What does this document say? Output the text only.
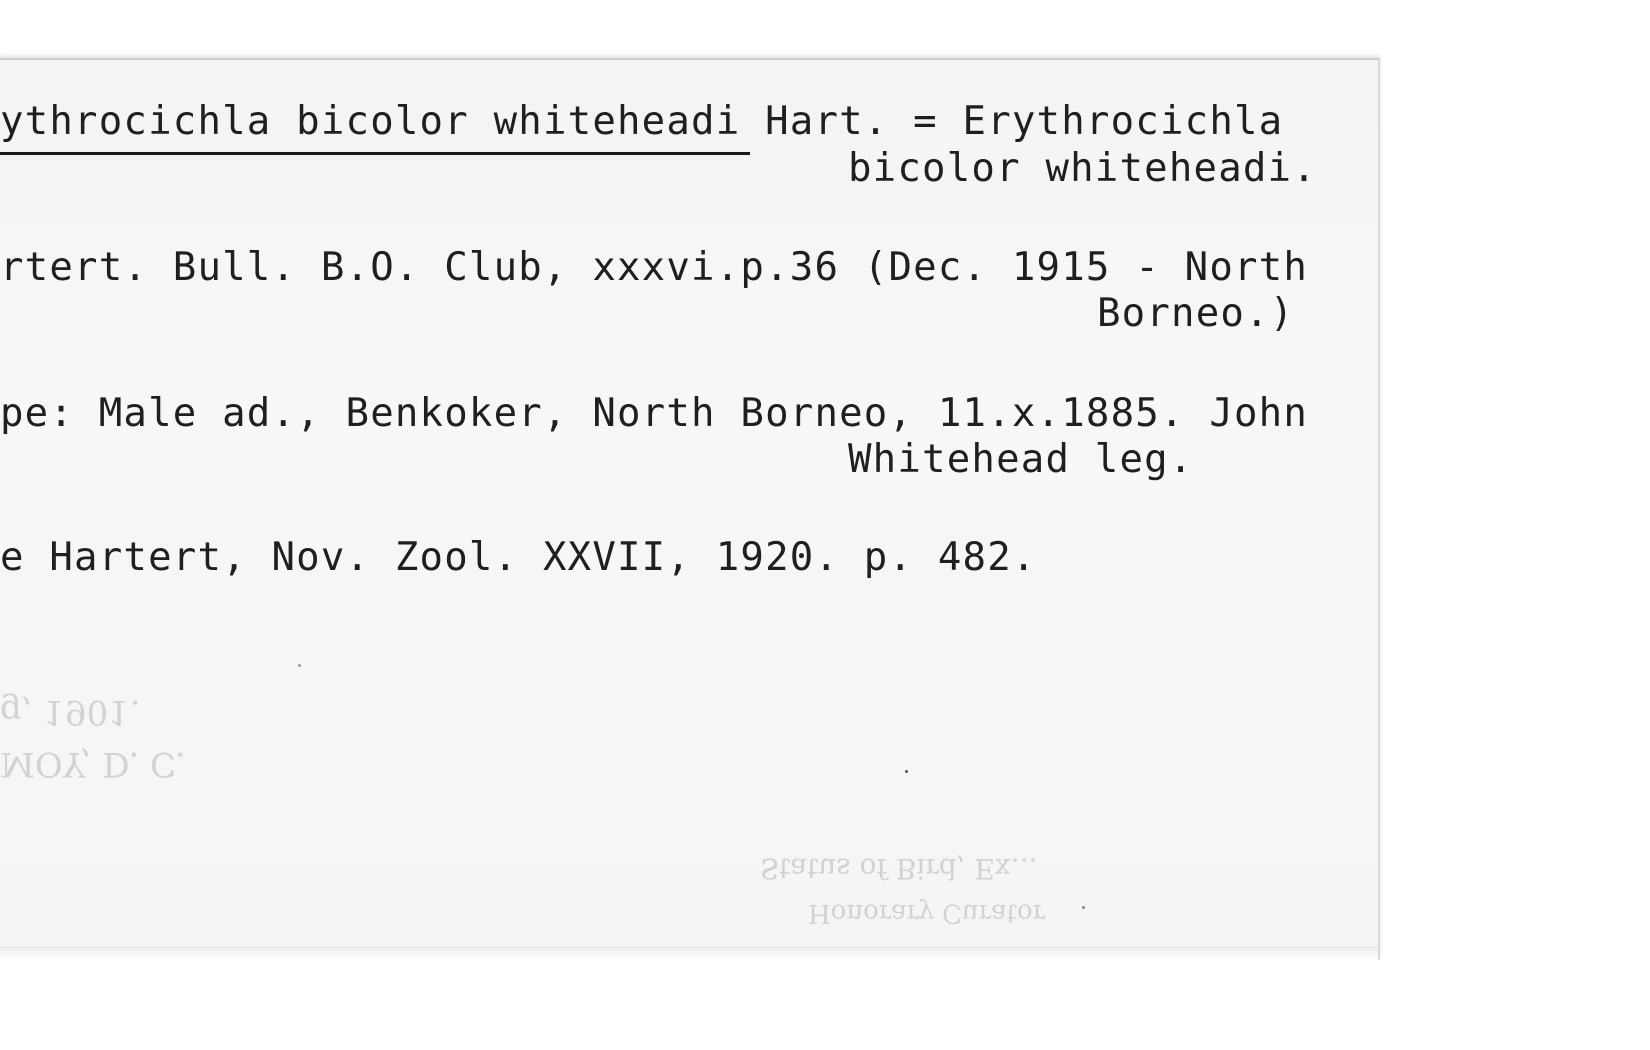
g, 1901.
MOY, D. C.
Status of Bird, Ex...
Honorary Curator
ythrocichla bicolor whiteheadi Hart. = Erythrocichla
bicolor whiteheadi.
rtert. Bull. B.O. Club, xxxvi.p.36 (Dec. 1915 - North
Borneo.)
pe: Male ad., Benkoker, North Borneo, 11.x.1885. John
Whitehead leg.
e Hartert, Nov. Zool. XXVII, 1920. p. 482.
